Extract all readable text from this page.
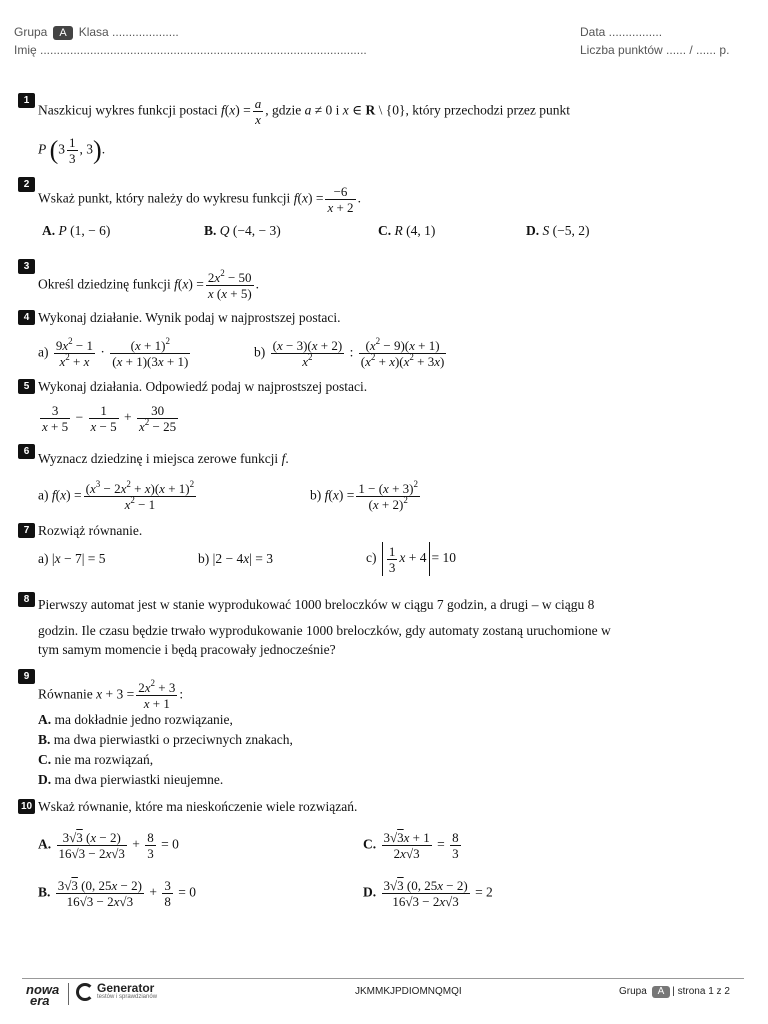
Grupa A Klasa ....................
Imię ..................................................................................................
Data ................
Liczba punktów ...... / ...... p.
1
Naszkicuj wykres funkcji postaci $f(x) = \frac{a}{x}$ , gdzie a ≠ 0 i x ∈ R \ {0}, który przechodzi przez punkt
P ($3 \frac{1}{3}$ , 3).
2
Wskaż punkt, który należy do wykresu funkcji $f(x) = \frac{-6}{x + 2}$ .
A. P (1, − 6)	B. Q (−4, − 3)	C. R (4, 1)	D. S (−5, 2)
3
Określ dziedzinę funkcji $f(x) = \frac{2x^2 - 50}{x (x + 5)}$ .
4 Wykonaj działanie. Wynik podaj w najprostszej postaci.
$a) \frac{9x^2 - 1}{x^2 + x} \cdot \frac{(x + 1)^2}{(x + 1)(3x + 1)}$	$b) \frac{(x - 3)(x + 2)}{x^2}$ : $\frac{(x^2 - 9)(x + 1)}{(x^2 + x)(x^2 + 3x)}$
5 Wykonaj działania. Odpowiedź podaj w najprostszej postaci.
$\frac{3}{x + 5} - \frac{1}{x - 5} + \frac{30}{x^2 - 25}$
6 Wyznacz dziedzinę i miejsca zerowe funkcji f.
a) $f(x) = \frac{(x^3 - 2x^2 + x)(x + 1)^2}{x^2 - 1}$	b) $f(x) = \frac{1 - (x + 3)^2}{(x + 2)^2}$
7 Rozwiąż równanie.
a) |x − 7| = 5	b) |2 − 4x| = 3	$c) \frac{1}{3}$ x + 4 = 10
8 Pierwszy automat jest w stanie wyprodukować 1000 breloczków w ciągu 7 godzin, a drugi – w ciągu 8
godzin. Ile czasu będzie trwało wyprodukowanie 1000 breloczków, gdy automaty zostaną uruchomione w
tym samym momencie i będą pracowały jednocześnie?
9
Równanie $x + 3 = \frac{2x^2 + 3}{x + 1}$ :
A. ma dokładnie jedno rozwiązanie,
B. ma dwa pierwiastki o przeciwnych znakach,
C. nie ma rozwiązań,
D. ma dwa pierwiastki nieujemne.
10 Wskaż równanie, które ma nieskończenie wiele rozwiązań.
A. $\frac{3√3 (x - 2)}{16√3 - 2x√3} + \frac{8}{3} = 0$	C. $\frac{3√3x + 1}{2x√3} = \frac{8}{3}$
B. $\frac{3√3 (0, 25x - 2)}{16√3 - 2x√3} + \frac{3}{8} = 0$	D. $\frac{3√3 (0, 25x - 2)}{16√3 - 2x√3} = 2$
nowa
era
Generator
testów i sprawdzianów	JKMMKJPDIOMNQMQI	Grupa A | strona 1 z 2
